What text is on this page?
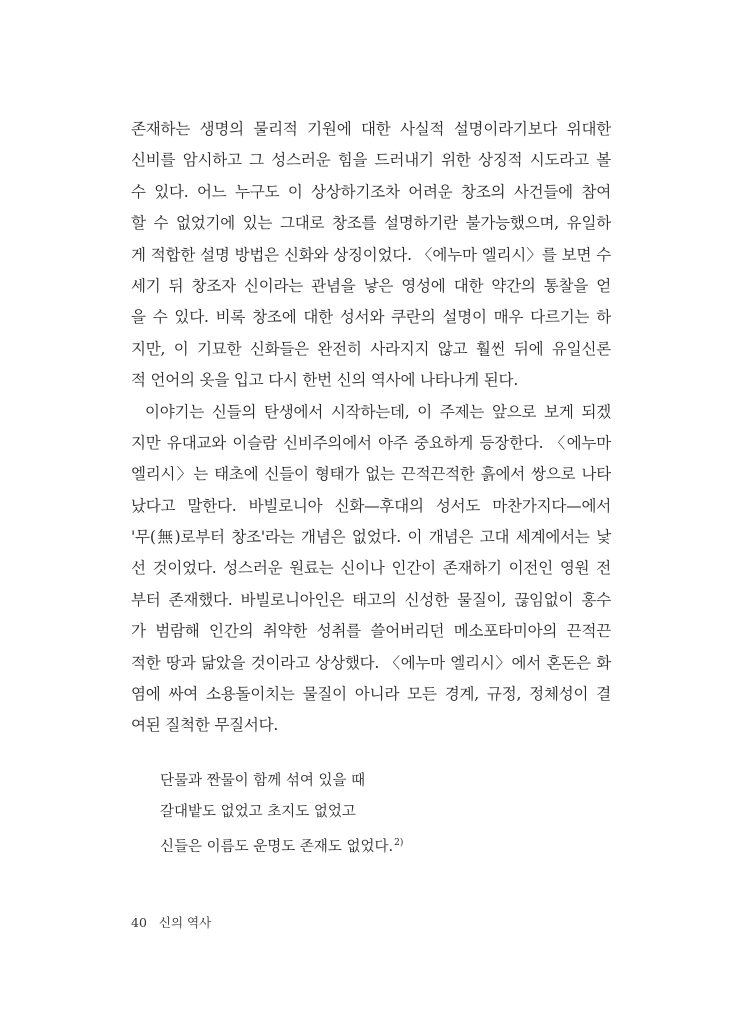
존재하는 생명의 물리적 기원에 대한 사실적 설명이라기보다 위대한
신비를 암시하고 그 성스러운 힘을 드러내기 위한 상징적 시도라고 볼
수 있다. 어느 누구도 이 상상하기조차 어려운 창조의 사건들에 참여
할 수 없었기에 있는 그대로 창조를 설명하기란 불가능했으며, 유일하
게 적합한 설명 방법은 신화와 상징이었다. 〈에누마 엘리시〉를 보면 수
세기 뒤 창조자 신이라는 관념을 낳은 영성에 대한 약간의 통찰을 얻
을 수 있다. 비록 창조에 대한 성서와 쿠란의 설명이 매우 다르기는 하
지만, 이 기묘한 신화들은 완전히 사라지지 않고 훨씬 뒤에 유일신론
적 언어의 옷을 입고 다시 한번 신의 역사에 나타나게 된다.
이야기는 신들의 탄생에서 시작하는데, 이 주제는 앞으로 보게 되겠
지만 유대교와 이슬람 신비주의에서 아주 중요하게 등장한다. 〈에누마
엘리시〉는 태초에 신들이 형태가 없는 끈적끈적한 흙에서 쌍으로 나타
났다고 말한다. 바빌로니아 신화—후대의 성서도 마찬가지다—에서
'무(無)로부터 창조'라는 개념은 없었다. 이 개념은 고대 세계에서는 낯
선 것이었다. 성스러운 원료는 신이나 인간이 존재하기 이전인 영원 전
부터 존재했다. 바빌로니아인은 태고의 신성한 물질이, 끊임없이 홍수
가 범람해 인간의 취약한 성취를 쓸어버리던 메소포타미아의 끈적끈
적한 땅과 닮았을 것이라고 상상했다. 〈에누마 엘리시〉에서 혼돈은 화
염에 싸여 소용돌이치는 물질이 아니라 모든 경계, 규정, 정체성이 결
여된 질척한 무질서다.
단물과 짠물이 함께 섞여 있을 때
갈대밭도 없었고 초지도 없었고
신들은 이름도 운명도 존재도 없었다.$^{2)}$
40 신의 역사
